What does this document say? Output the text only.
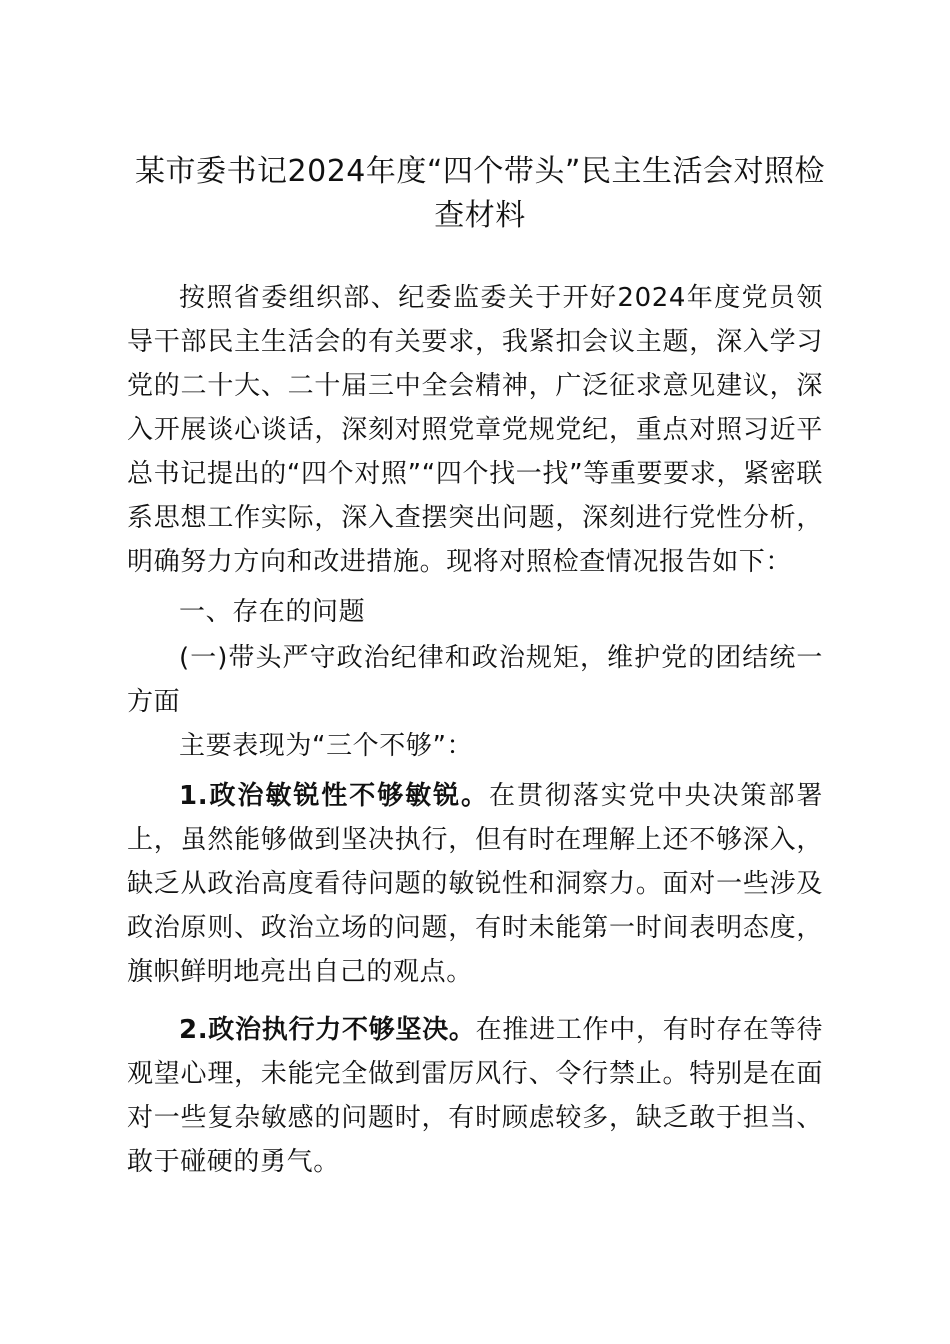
某市委书记2024年度“四个带头”民主生活会对照检查材料

按照省委组织部、纪委监委关于开好2024年度党员领导干部民主生活会的有关要求，我紧扣会议主题，深入学习党的二十大、二十届三中全会精神，广泛征求意见建议，深入开展谈心谈话，深刻对照党章党规党纪，重点对照习近平总书记提出的“四个对照”“四个找一找”等重要要求，紧密联系思想工作实际，深入查摆突出问题，深刻进行党性分析，明确努力方向和改进措施。现将对照检查情况报告如下：

一、存在的问题

(一)带头严守政治纪律和政治规矩，维护党的团结统一方面

主要表现为“三个不够”：

1.政治敏锐性不够敏锐。在贯彻落实党中央决策部署上，虽然能够做到坚决执行，但有时在理解上还不够深入，缺乏从政治高度看待问题的敏锐性和洞察力。面对一些涉及政治原则、政治立场的问题，有时未能第一时间表明态度，旗帜鲜明地亮出自己的观点。

2.政治执行力不够坚决。在推进工作中，有时存在等待观望心理，未能完全做到雷厉风行、令行禁止。特别是在面对一些复杂敏感的问题时，有时顾虑较多，缺乏敢于担当、敢于碰硬的勇气。
